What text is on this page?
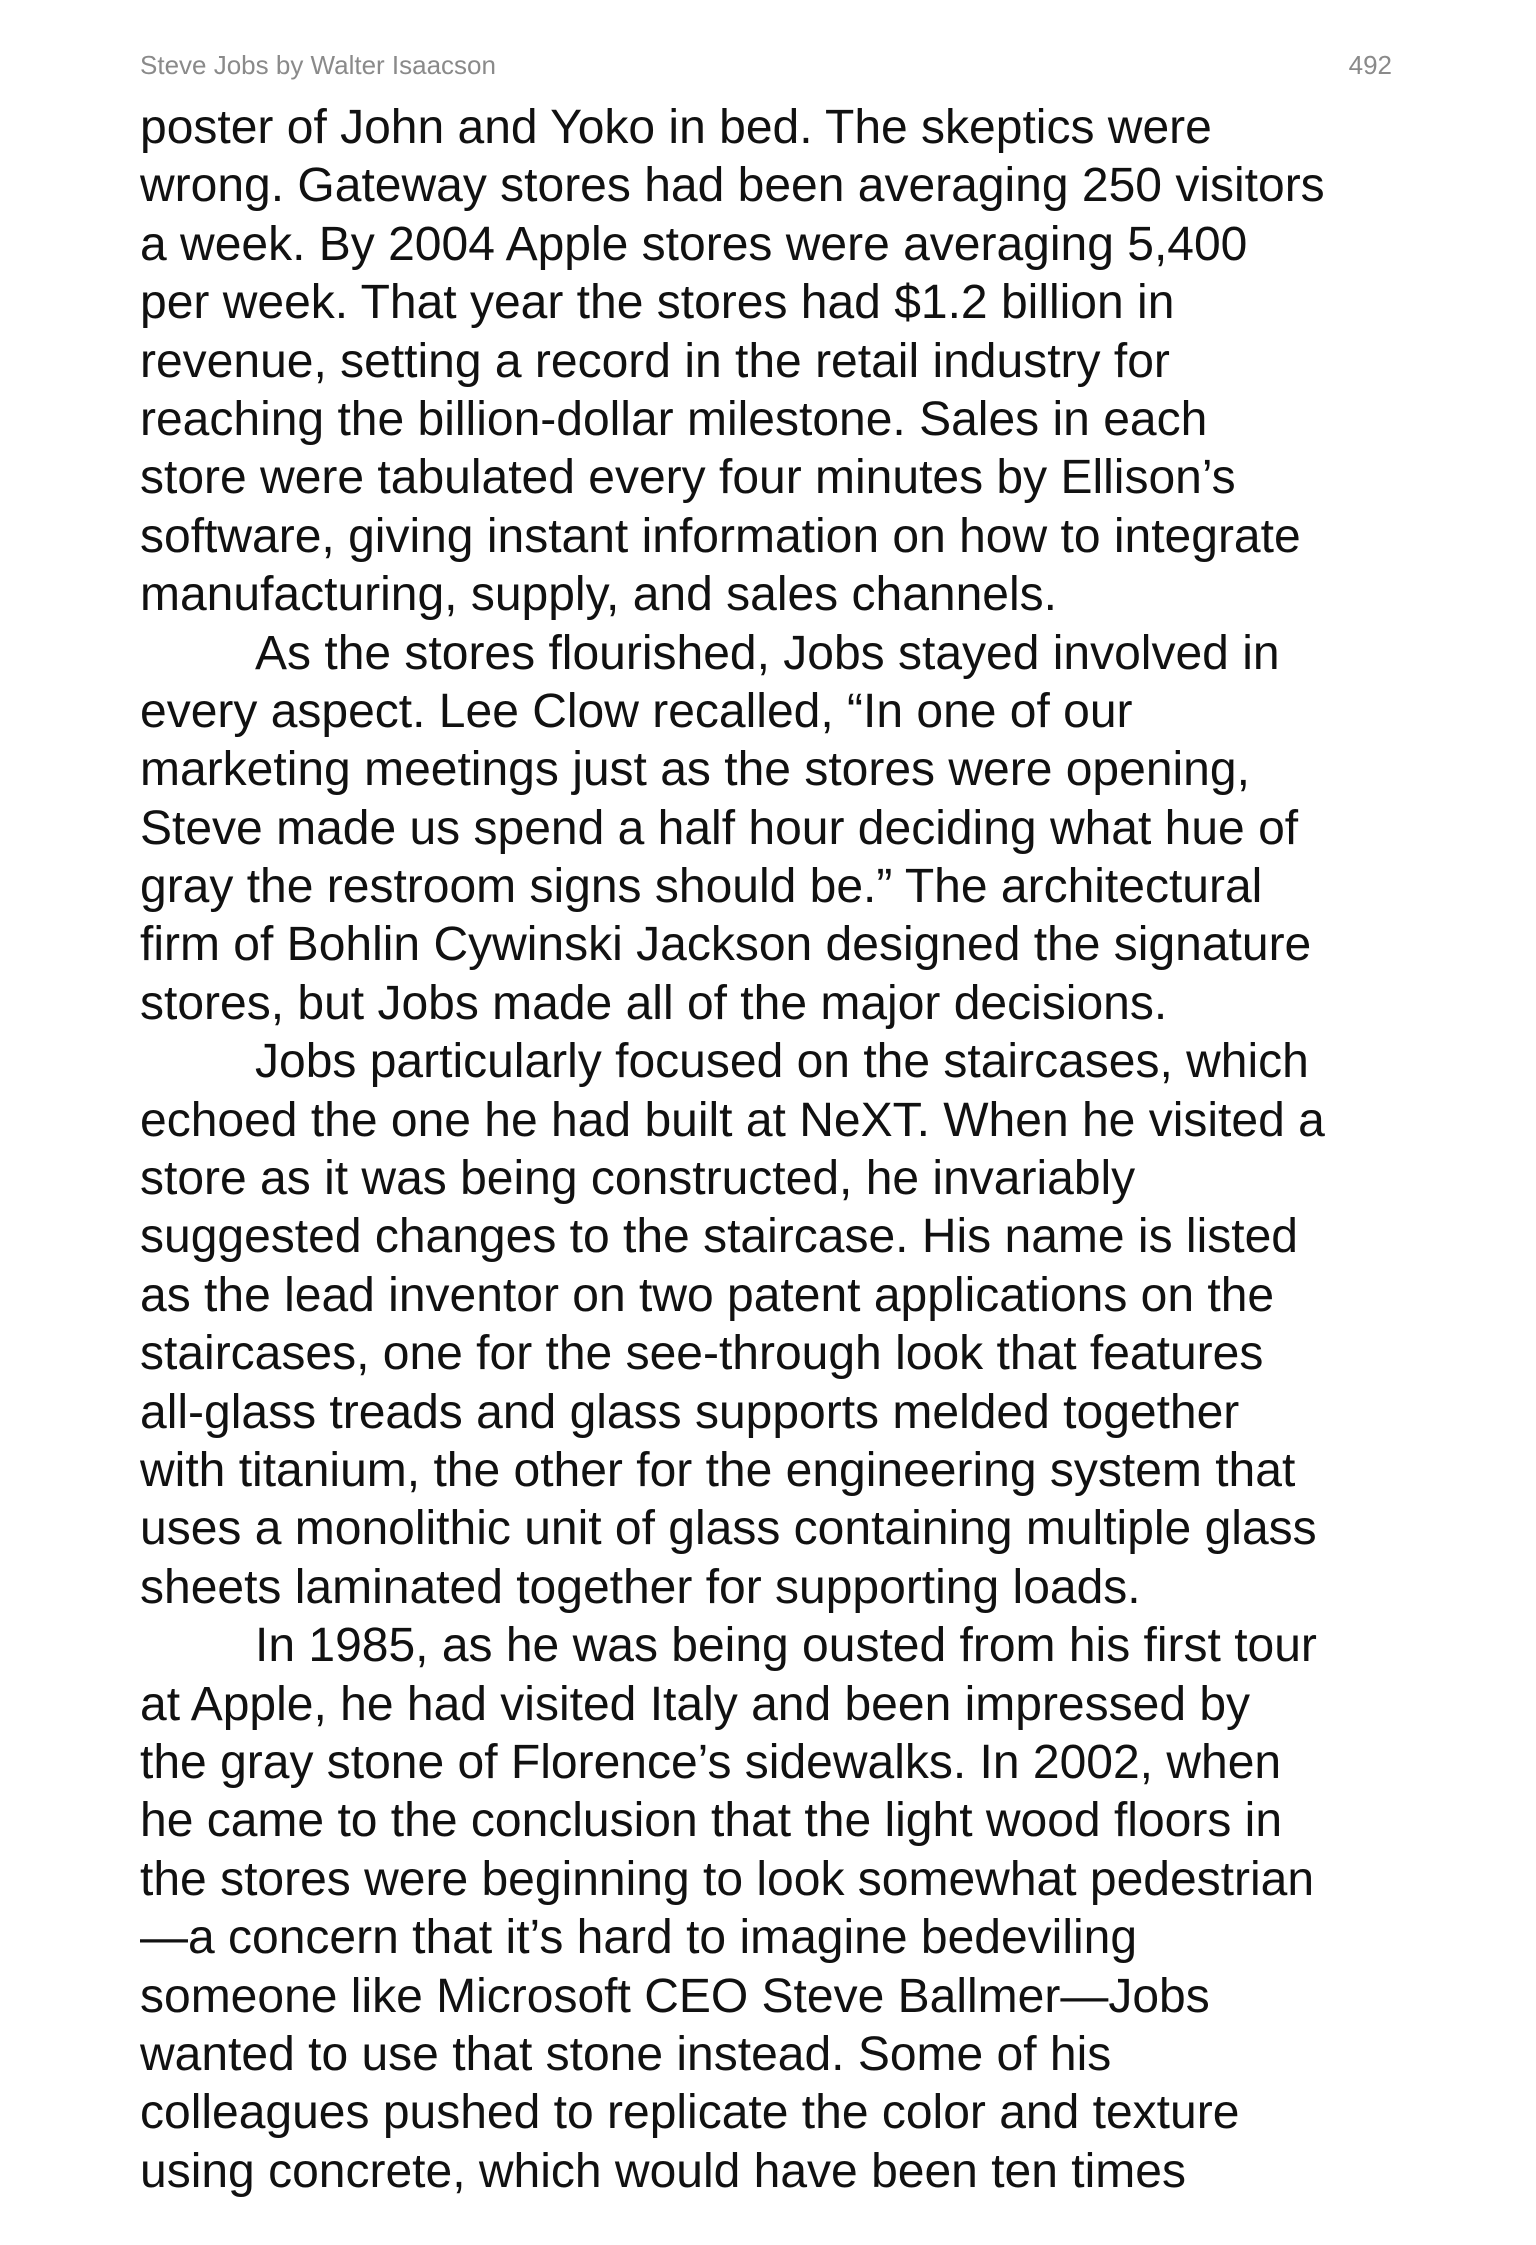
Steve Jobs by Walter Isaacson	492
poster of John and Yoko in bed. The skeptics were
wrong. Gateway stores had been averaging 250 visitors
a week. By 2004 Apple stores were averaging 5,400
per week. That year the stores had $1.2 billion in
revenue, setting a record in the retail industry for
reaching the billion-dollar milestone. Sales in each
store were tabulated every four minutes by Ellison’s
software, giving instant information on how to integrate
manufacturing, supply, and sales channels.
As the stores flourished, Jobs stayed involved in
every aspect. Lee Clow recalled, “In one of our
marketing meetings just as the stores were opening,
Steve made us spend a half hour deciding what hue of
gray the restroom signs should be.” The architectural
firm of Bohlin Cywinski Jackson designed the signature
stores, but Jobs made all of the major decisions.
Jobs particularly focused on the staircases, which
echoed the one he had built at NeXT. When he visited a
store as it was being constructed, he invariably
suggested changes to the staircase. His name is listed
as the lead inventor on two patent applications on the
staircases, one for the see-through look that features
all-glass treads and glass supports melded together
with titanium, the other for the engineering system that
uses a monolithic unit of glass containing multiple glass
sheets laminated together for supporting loads.
In 1985, as he was being ousted from his first tour
at Apple, he had visited Italy and been impressed by
the gray stone of Florence’s sidewalks. In 2002, when
he came to the conclusion that the light wood floors in
the stores were beginning to look somewhat pedestrian
—a concern that it’s hard to imagine bedeviling
someone like Microsoft CEO Steve Ballmer—Jobs
wanted to use that stone instead. Some of his
colleagues pushed to replicate the color and texture
using concrete, which would have been ten times
